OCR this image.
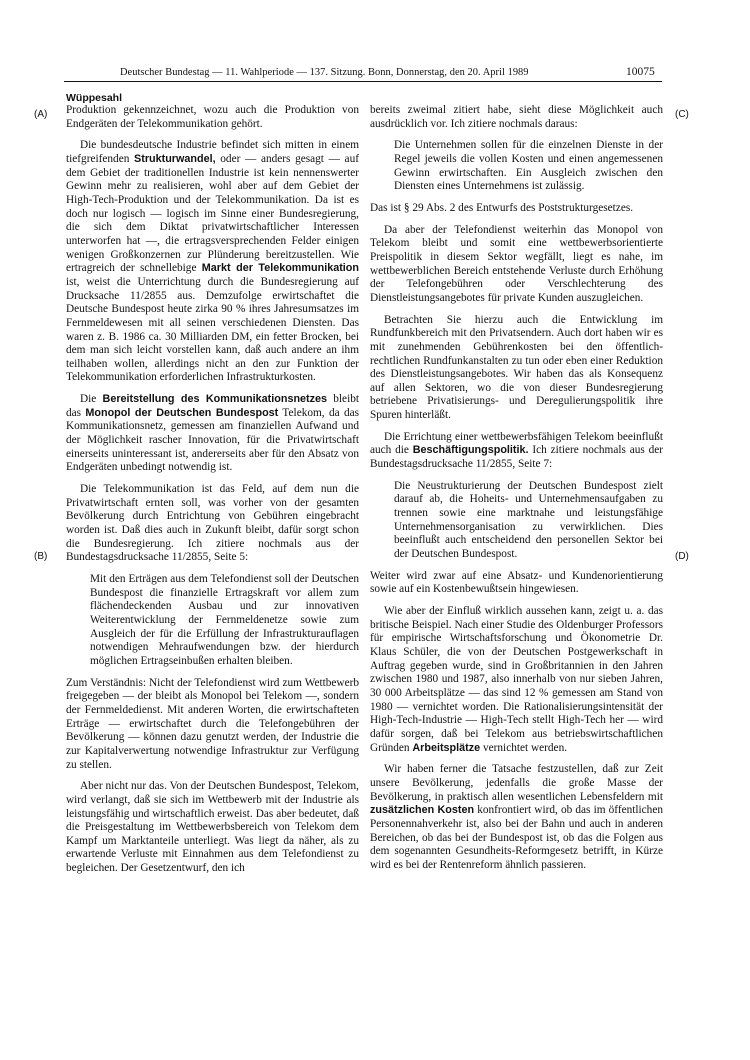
Deutscher Bundestag — 11. Wahlperiode — 137. Sitzung. Bonn, Donnerstag, den 20. April 1989	10075
Wüppesahl
(A)
(B)
(C)
(D)

Produktion gekennzeichnet, wozu auch die Produktion von Endgeräten der Telekommunikation gehört.

Die bundesdeutsche Industrie befindet sich mitten in einem tiefgreifenden Strukturwandel, oder — anders gesagt — auf dem Gebiet der traditionellen Industrie ist kein nennenswerter Gewinn mehr zu realisieren, wohl aber auf dem Gebiet der High-Tech-Produktion und der Telekommunikation. Da ist es doch nur logisch — logisch im Sinne einer Bundesregierung, die sich dem Diktat privatwirtschaftlicher Interessen unterworfen hat —, die ertragsversprechenden Felder einigen wenigen Großkonzernen zur Plünderung bereitzustellen. Wie ertragreich der schnellebige Markt der Telekommunikation ist, weist die Unterrichtung durch die Bundesregierung auf Drucksache 11/2855 aus. Demzufolge erwirtschaftet die Deutsche Bundespost heute zirka 90 % ihres Jahresumsatzes im Fernmeldewesen mit all seinen verschiedenen Diensten. Das waren z. B. 1986 ca. 30 Milliarden DM, ein fetter Brocken, bei dem man sich leicht vorstellen kann, daß auch andere an ihm teilhaben wollen, allerdings nicht an den zur Funktion der Telekommunikation erforderlichen Infrastrukturkosten.

Die Bereitstellung des Kommunikationsnetzes bleibt das Monopol der Deutschen Bundespost Telekom, da das Kommunikationsnetz, gemessen am finanziellen Aufwand und der Möglichkeit rascher Innovation, für die Privatwirtschaft einerseits uninteressant ist, andererseits aber für den Absatz von Endgeräten unbedingt notwendig ist.

Die Telekommunikation ist das Feld, auf dem nun die Privatwirtschaft ernten soll, was vorher von der gesamten Bevölkerung durch Entrichtung von Gebühren eingebracht worden ist. Daß dies auch in Zukunft bleibt, dafür sorgt schon die Bundesregierung. Ich zitiere nochmals aus der Bundestagsdrucksache 11/2855, Seite 5:

Mit den Erträgen aus dem Telefondienst soll der Deutschen Bundespost die finanzielle Ertragskraft vor allem zum flächendeckenden Ausbau und zur innovativen Weiterentwicklung der Fernmeldenetze sowie zum Ausgleich der für die Erfüllung der Infrastrukturauflagen notwendigen Mehraufwendungen bzw. der hierdurch möglichen Ertragseinbußen erhalten bleiben.

Zum Verständnis: Nicht der Telefondienst wird zum Wettbewerb freigegeben — der bleibt als Monopol bei Telekom —, sondern der Fernmeldedienst. Mit anderen Worten, die erwirtschafteten Erträge — erwirtschaftet durch die Telefongebühren der Bevölkerung — können dazu genutzt werden, der Industrie die zur Kapitalverwertung notwendige Infrastruktur zur Verfügung zu stellen.

Aber nicht nur das. Von der Deutschen Bundespost, Telekom, wird verlangt, daß sie sich im Wettbewerb mit der Industrie als leistungsfähig und wirtschaftlich erweist. Das aber bedeutet, daß die Preisgestaltung im Wettbewerbsbereich von Telekom dem Kampf um Marktanteile unterliegt. Was liegt da näher, als zu erwartende Verluste mit Einnahmen aus dem Telefondienst zu begleichen. Der Gesetzentwurf, den ich

bereits zweimal zitiert habe, sieht diese Möglichkeit auch ausdrücklich vor. Ich zitiere nochmals daraus:

Die Unternehmen sollen für die einzelnen Dienste in der Regel jeweils die vollen Kosten und einen angemessenen Gewinn erwirtschaften. Ein Ausgleich zwischen den Diensten eines Unternehmens ist zulässig.

Das ist § 29 Abs. 2 des Entwurfs des Poststrukturgesetzes.

Da aber der Telefondienst weiterhin das Monopol von Telekom bleibt und somit eine wettbewerbsorientierte Preispolitik in diesem Sektor wegfällt, liegt es nahe, im wettbewerblichen Bereich entstehende Verluste durch Erhöhung der Telefongebühren oder Verschlechterung des Dienstleistungsangebotes für private Kunden auszugleichen.

Betrachten Sie hierzu auch die Entwicklung im Rundfunkbereich mit den Privatsendern. Auch dort haben wir es mit zunehmenden Gebührenkosten bei den öffentlich-rechtlichen Rundfunkanstalten zu tun oder eben einer Reduktion des Dienstleistungsangebotes. Wir haben das als Konsequenz auf allen Sektoren, wo die von dieser Bundesregierung betriebene Privatisierungs- und Deregulierungspolitik ihre Spuren hinterläßt.

Die Errichtung einer wettbewerbsfähigen Telekom beeinflußt auch die Beschäftigungspolitik. Ich zitiere nochmals aus der Bundestagsdrucksache 11/2855, Seite 7:

Die Neustrukturierung der Deutschen Bundespost zielt darauf ab, die Hoheits- und Unternehmensaufgaben zu trennen sowie eine marktnahe und leistungsfähige Unternehmensorganisation zu verwirklichen. Dies beeinflußt auch entscheidend den personellen Sektor bei der Deutschen Bundespost.

Weiter wird zwar auf eine Absatz- und Kundenorientierung sowie auf ein Kostenbewußtsein hingewiesen.

Wie aber der Einfluß wirklich aussehen kann, zeigt u. a. das britische Beispiel. Nach einer Studie des Oldenburger Professors für empirische Wirtschaftsforschung und Ökonometrie Dr. Klaus Schüler, die von der Deutschen Postgewerkschaft in Auftrag gegeben wurde, sind in Großbritannien in den Jahren zwischen 1980 und 1987, also innerhalb von nur sieben Jahren, 30 000 Arbeitsplätze — das sind 12 % gemessen am Stand von 1980 — vernichtet worden. Die Rationalisierungsintensität der High-Tech-Industrie — High-Tech stellt High-Tech her — wird dafür sorgen, daß bei Telekom aus betriebswirtschaftlichen Gründen Arbeitsplätze vernichtet werden.

Wir haben ferner die Tatsache festzustellen, daß zur Zeit unsere Bevölkerung, jedenfalls die große Masse der Bevölkerung, in praktisch allen wesentlichen Lebensfeldern mit zusätzlichen Kosten konfrontiert wird, ob das im öffentlichen Personennahverkehr ist, also bei der Bahn und auch in anderen Bereichen, ob das bei der Bundespost ist, ob das die Folgen aus dem sogenannten Gesundheits-Reformgesetz betrifft, in Kürze wird es bei der Rentenreform ähnlich passieren.
